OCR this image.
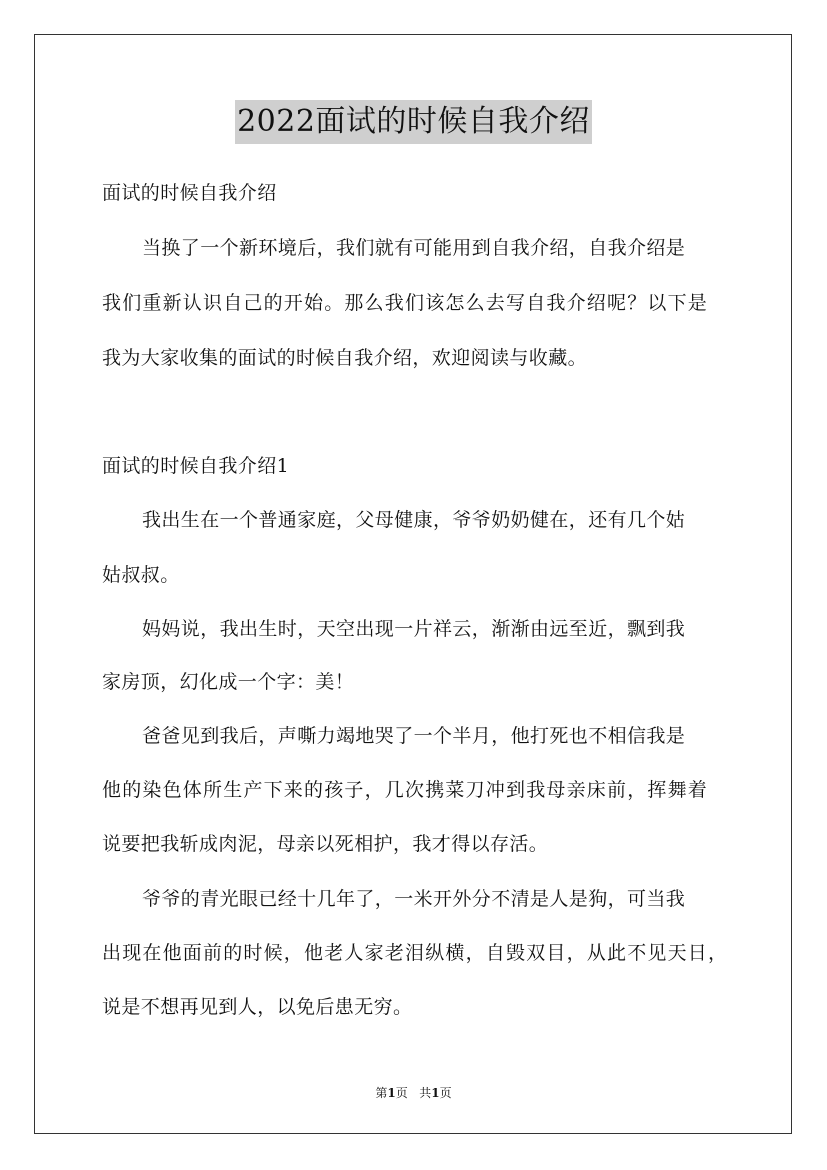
2022面试的时候自我介绍
面试的时候自我介绍
当换了一个新环境后，我们就有可能用到自我介绍，自我介绍是
我们重新认识自己的开始。那么我们该怎么去写自我介绍呢？以下是
我为大家收集的面试的时候自我介绍，欢迎阅读与收藏。
面试的时候自我介绍1
我出生在一个普通家庭，父母健康，爷爷奶奶健在，还有几个姑
姑叔叔。
妈妈说，我出生时，天空出现一片祥云，渐渐由远至近，飘到我
家房顶，幻化成一个字：美！
爸爸见到我后，声嘶力竭地哭了一个半月，他打死也不相信我是
他的染色体所生产下来的孩子，几次携菜刀冲到我母亲床前，挥舞着
说要把我斩成肉泥，母亲以死相护，我才得以存活。
爷爷的青光眼已经十几年了，一米开外分不清是人是狗，可当我
出现在他面前的时候，他老人家老泪纵横，自毁双目，从此不见天日，
说是不想再见到人，以免后患无穷。
第1页 共1页
